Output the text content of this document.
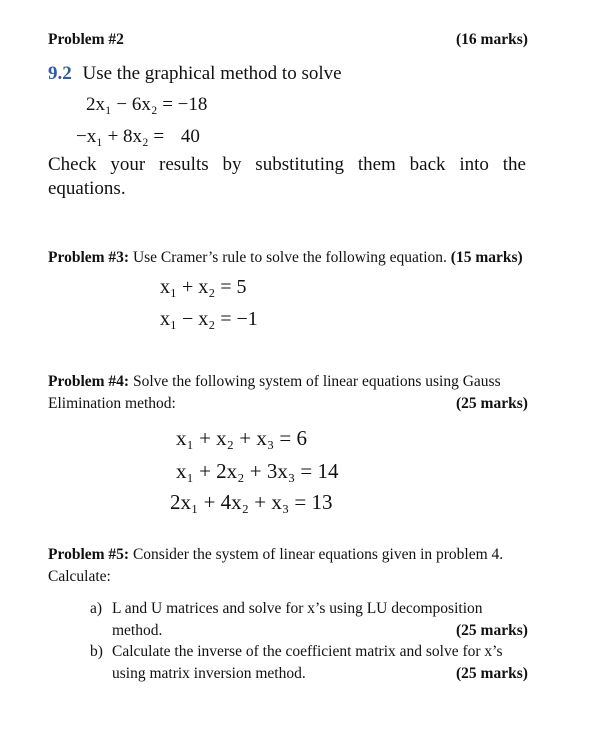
Problem #2	(16 marks)
9.2 Use the graphical method to solve
2x₁ − 6x₂ = −18
−x₁ + 8x₂ = 40
Check your results by substituting them back into the
equations.
Problem #3: Use Cramer’s rule to solve the following equation. (15 marks)
x₁ + x₂ = 5
x₁ − x₂ = −1
Problem #4: Solve the following system of linear equations using Gauss
Elimination method:	(25 marks)
x₁ + x₂ + x₃ = 6
x₁ + 2x₂ + 3x₃ = 14
2x₁ + 4x₂ + x₃ = 13
Problem #5: Consider the system of linear equations given in problem 4.
Calculate:
a) L and U matrices and solve for x’s using LU decomposition
method.	(25 marks)
b) Calculate the inverse of the coefficient matrix and solve for x’s
using matrix inversion method.	(25 marks)
